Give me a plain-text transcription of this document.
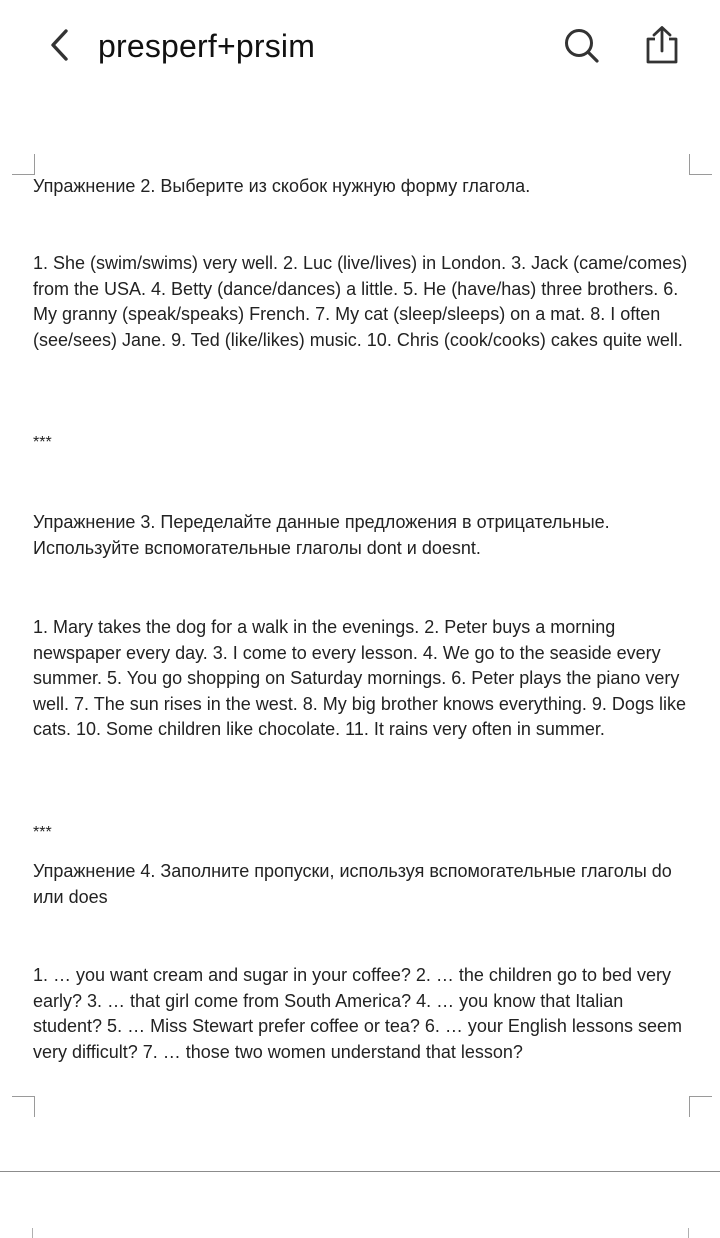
presperf+prsim
Упражнение 2. Выберите из скобок нужную форму глагола.
1. She (swim/swims) very well. 2. Luc (live/lives) in London. 3. Jack (came/comes) from the USA. 4. Betty (dance/dances) a little. 5. He (have/has) three brothers. 6. My granny (speak/speaks) French. 7. My cat (sleep/sleeps) on a mat. 8. I often (see/sees) Jane. 9. Ted (like/likes) music. 10. Chris (cook/cooks) cakes quite well.
***
Упражнение 3. Переделайте данные предложения в отрицательные. Используйте вспомогательные глаголы dont и doesnt.
1. Mary takes the dog for a walk in the evenings. 2. Peter buys a morning newspaper every day. 3. I come to every lesson. 4. We go to the seaside every summer. 5. You go shopping on Saturday mornings. 6. Peter plays the piano very well. 7. The sun rises in the west. 8. My big brother knows everything. 9. Dogs like cats. 10. Some children like chocolate. 11. It rains very often in summer.
***
Упражнение 4. Заполните пропуски, используя вспомогательные глаголы do или does
1. … you want cream and sugar in your coffee? 2. … the children go to bed very early? 3. … that girl come from South America? 4. … you know that Italian student? 5. … Miss Stewart prefer coffee or tea? 6. … your English lessons seem very difficult? 7. … those two women understand that lesson?
